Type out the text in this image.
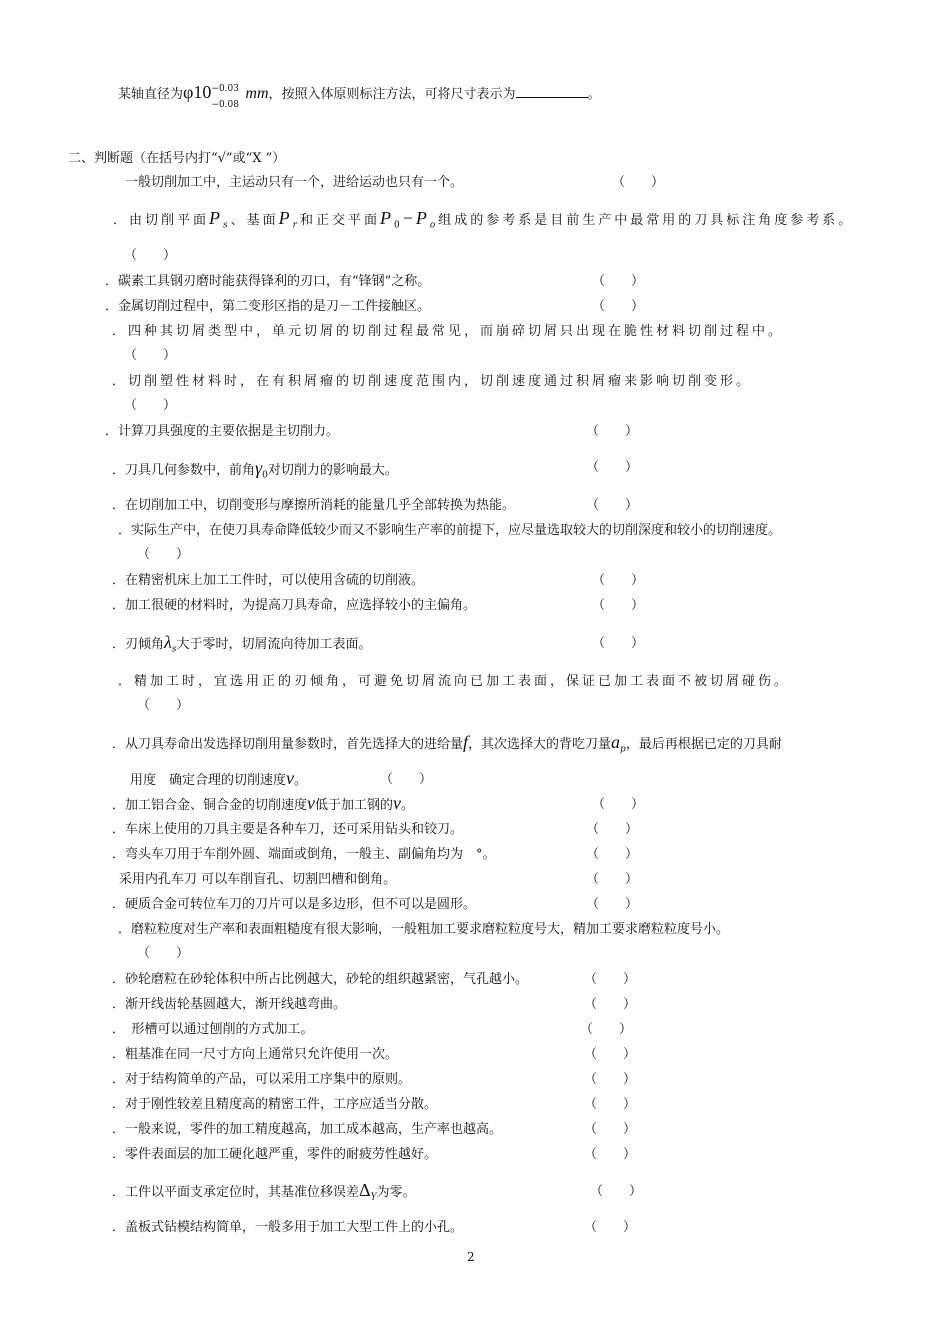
某轴直径为φ10 −0.03
−0.08
mm，按照入体原则标注方法，可将尺寸表示为	。
二、判断题（在括号内打“√”或“X ”）
一般切削加工中，主运动只有一个，进给运动也只有一个。	（　　）
．由切削平面$P_s$、基面$P_r$和正交平面$P_0-P_o$组成的参考系是目前生产中最常用的刀具标注角度参考系。
（　　）
．碳素工具钢刃磨时能获得锋利的刃口，有“锋钢”之称。	（　　）
．金属切削过程中，第二变形区指的是刀－工件接触区。	（　　）
．四种其切屑类型中，单元切屑的切削过程最常见，而崩碎切屑只出现在脆性材料切削过程中。
（　　）
．切削塑性材料时，在有积屑瘤的切削速度范围内，切削速度通过积屑瘤来影响切削变形。
（　　）
．计算刀具强度的主要依据是主切削力。	（　　）
．刀具几何参数中，前角$\gamma_0$对切削力的影响最大。	（　　）
．在切削加工中，切削变形与摩擦所消耗的能量几乎全部转换为热能。	（　　）
．实际生产中，在使刀具寿命降低较少而又不影响生产率的前提下，应尽量选取较大的切削深度和较小的切削速度。
（　　）
．在精密机床上加工工件时，可以使用含硫的切削液。	（　　）
．加工很硬的材料时，为提高刀具寿命，应选择较小的主偏角。	（　　）
．刃倾角$\lambda_s$大于零时，切屑流向待加工表面。	（　　）
．精加工时，宜选用正的刃倾角，可避免切屑流向已加工表面，保证已加工表面不被切屑碰伤。
（　　）
．从刀具寿命出发选择切削用量参数时，首先选择大的进给量f，其次选择大的背吃刀量$a_p$，最后再根据已定的刀具耐
用度　确定合理的切削速度v。	（　　）
．加工铝合金、铜合金的切削速度v低于加工钢的v。	（　　）
．车床上使用的刀具主要是各种车刀，还可采用钻头和铰刀。	（　　）
．弯头车刀用于车削外圆、端面或倒角，一般主、副偏角均为　°。	（　　）
采用内孔车刀 可以车削盲孔、切割凹槽和倒角。	（　　）
．硬质合金可转位车刀的刀片可以是多边形，但不可以是圆形。	（　　）
．磨粒粒度对生产率和表面粗糙度有很大影响，一般粗加工要求磨粒粒度号大，精加工要求磨粒粒度号小。
（　　）
．砂轮磨粒在砂轮体积中所占比例越大，砂轮的组织越紧密，气孔越小。	（　　）
．渐开线齿轮基圆越大，渐开线越弯曲。	（　　）
．　形槽可以通过刨削的方式加工。	（　　）
．粗基准在同一尺寸方向上通常只允许使用一次。	（　　）
．对于结构简单的产品，可以采用工序集中的原则。	（　　）
．对于刚性较差且精度高的精密工件，工序应适当分散。	（　　）
．一般来说，零件的加工精度越高，加工成本越高，生产率也越高。	（　　）
．零件表面层的加工硬化越严重，零件的耐疲劳性越好。	（　　）
．工件以平面支承定位时，其基准位移误差$\Delta_Y$为零。	（　　）
．盖板式钻模结构简单，一般多用于加工大型工件上的小孔。	（　　）
2
